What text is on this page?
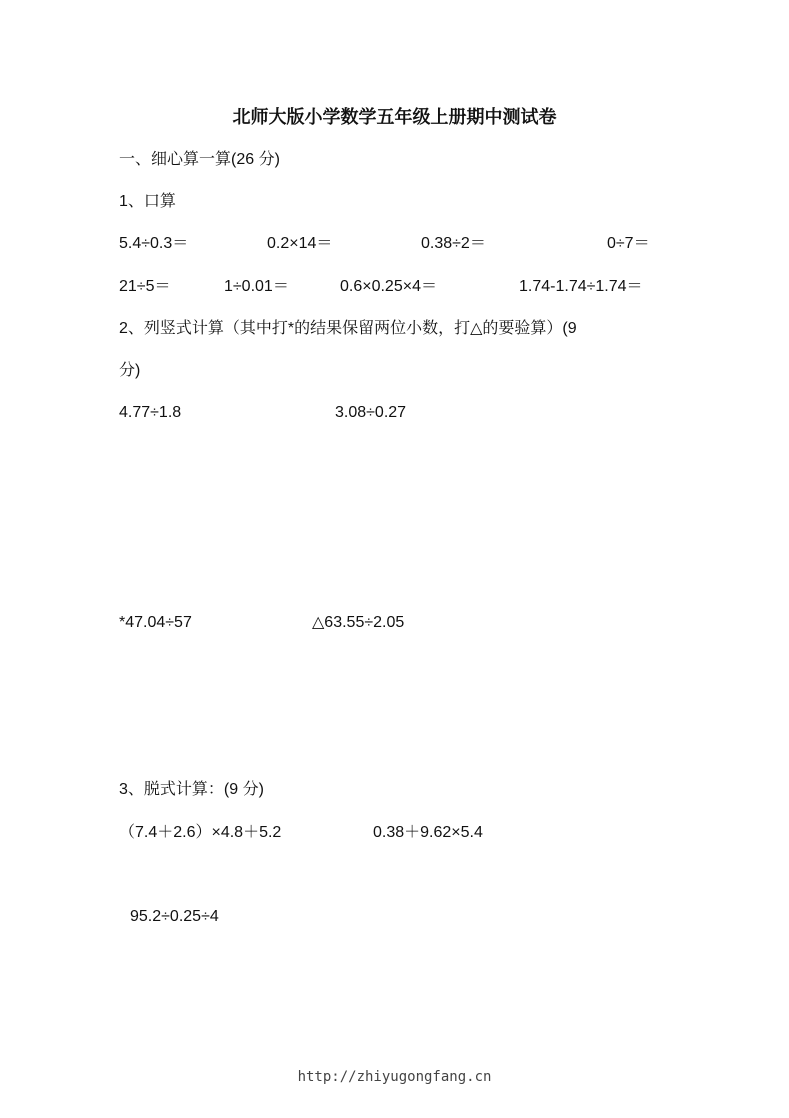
北师大版小学数学五年级上册期中测试卷
一、细心算一算(26 分)
1、口算
5.4÷0.3＝	0.2×14＝	0.38÷2＝	0÷7＝
21÷5＝	1÷0.01＝	0.6×0.25×4＝	1.74-1.74÷1.74＝
2、列竖式计算（其中打*的结果保留两位小数，打△的要验算）(9
分)
4.77÷1.8	3.08÷0.27
*47.04÷57	△63.55÷2.05
3、脱式计算：(9 分)
（7.4＋2.6）×4.8＋5.2	0.38＋9.62×5.4
95.2÷0.25÷4
http://zhiyugongfang.cn
